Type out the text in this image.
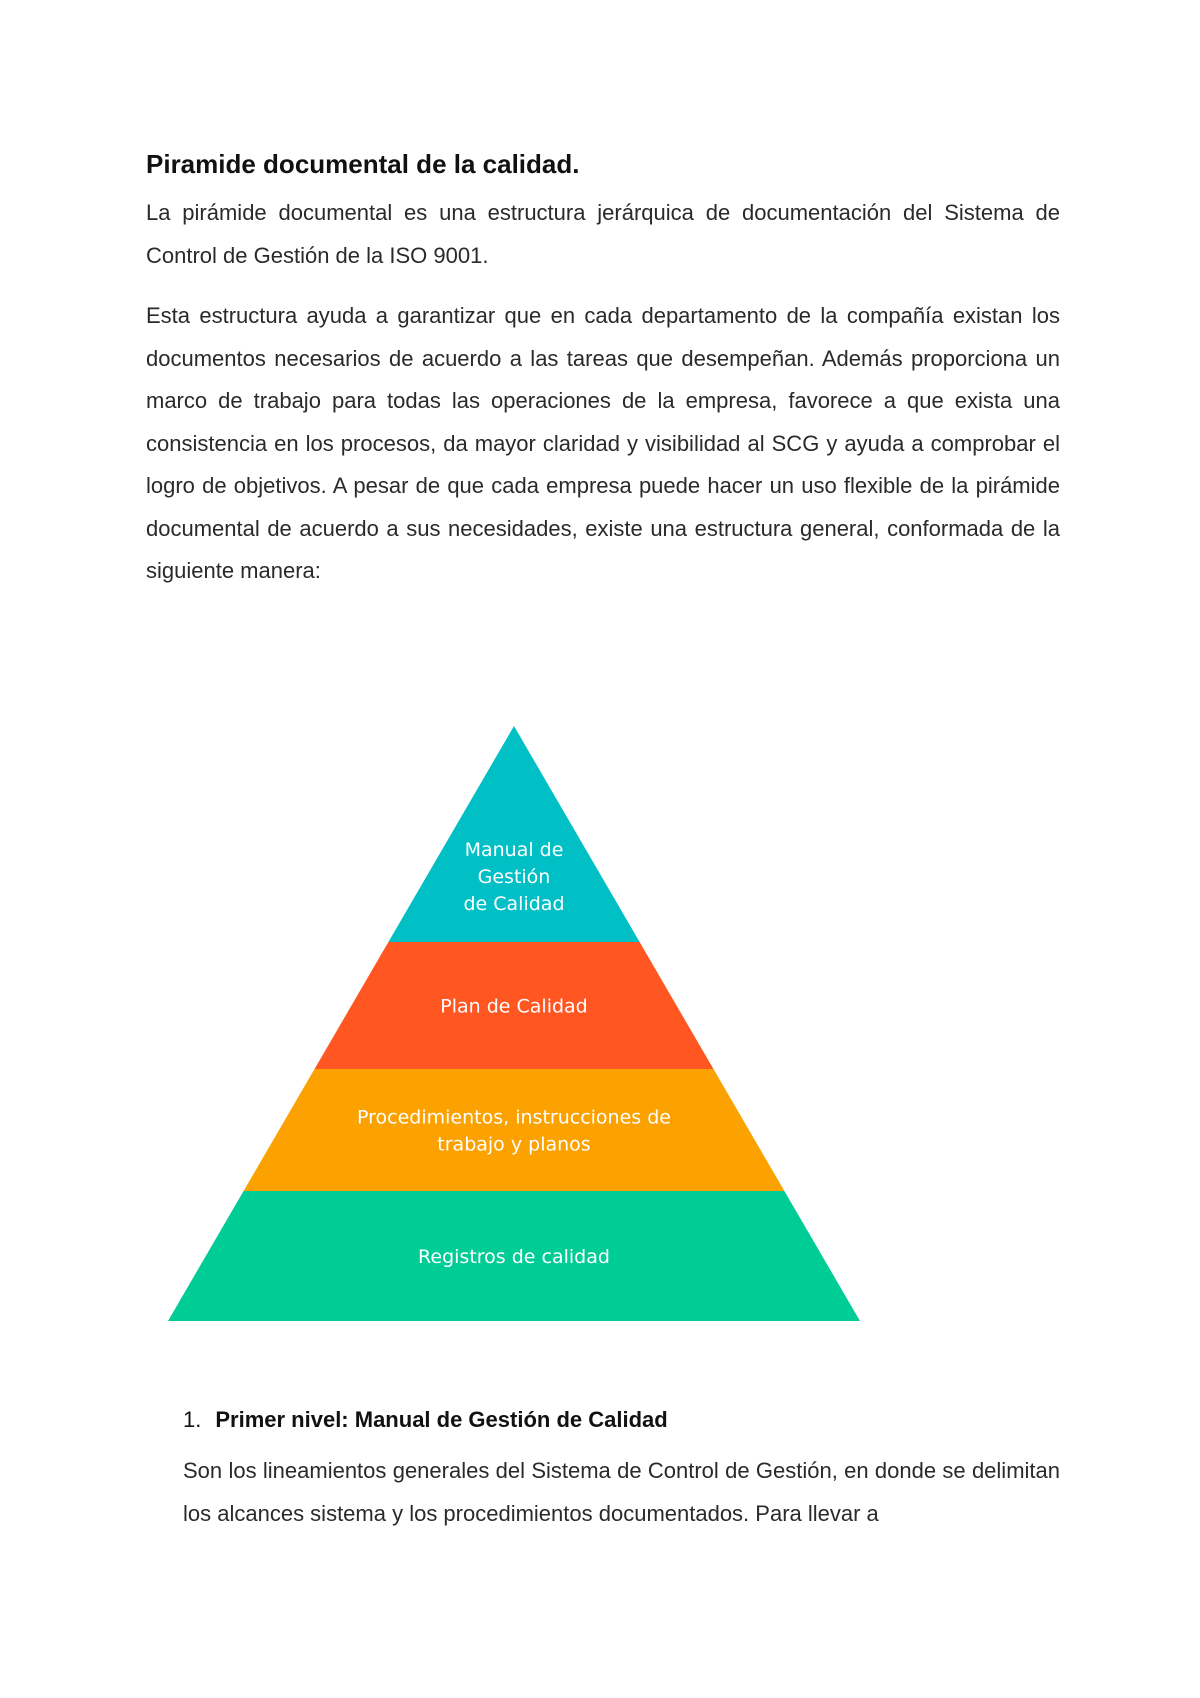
Piramide documental de la calidad.

La pirámide documental es una estructura jerárquica de documentación del Sistema de Control de Gestión de la ISO 9001.

Esta estructura ayuda a garantizar que en cada departamento de la compañía existan los documentos necesarios de acuerdo a las tareas que desempeñan. Además proporciona un marco de trabajo para todas las operaciones de la empresa, favorece a que exista una consistencia en los procesos, da mayor claridad y visibilidad al SCG y ayuda a comprobar el logro de objetivos. A pesar de que cada empresa puede hacer un uso flexible de la pirámide documental de acuerdo a sus necesidades, existe una estructura general, conformada de la siguiente manera:

Manual de
Gestión
de Calidad
Plan de Calidad
Procedimientos, instrucciones de
trabajo y planos
Registros de calidad
1. Primer nivel: Manual de Gestión de Calidad

Son los lineamientos generales del Sistema de Control de Gestión, en donde se delimitan los alcances sistema y los procedimientos documentados. Para llevar a
